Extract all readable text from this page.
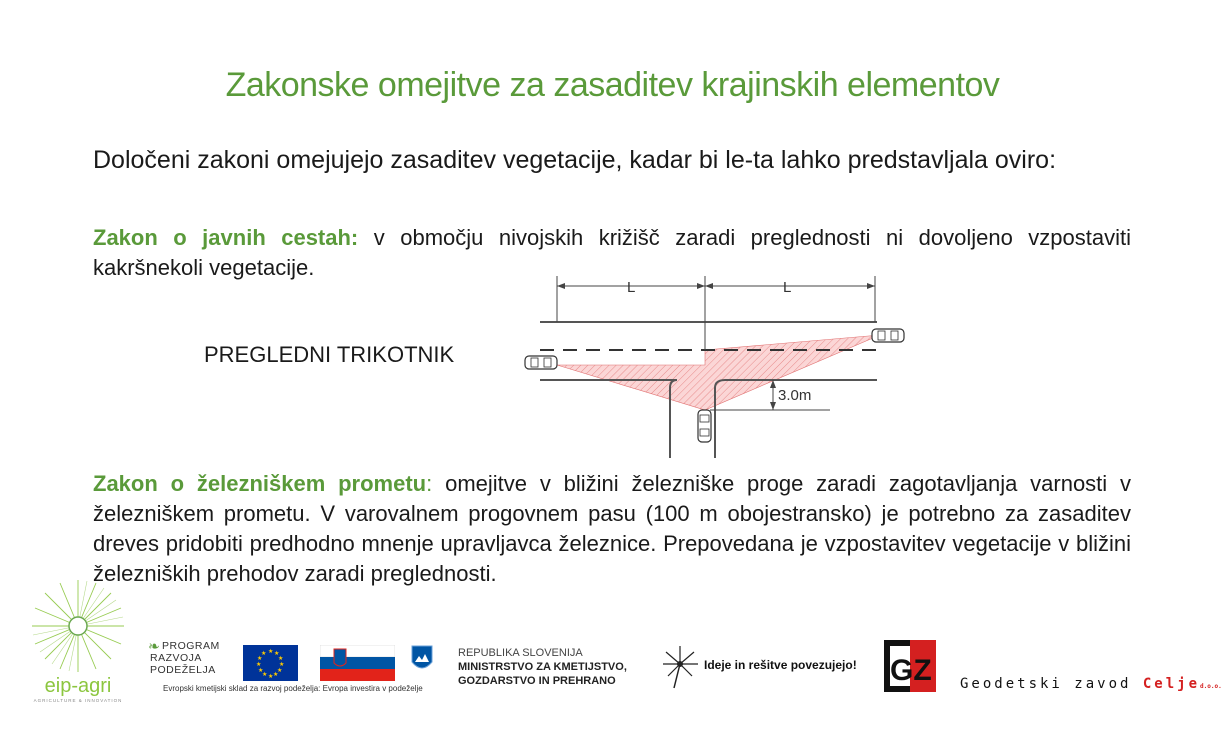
Zakonske omejitve za zasaditev krajinskih elementov
Določeni zakoni omejujejo zasaditev vegetacije, kadar bi le-ta lahko predstavljala oviro:
Zakon o javnih cestah: v območju nivojskih križišč zaradi preglednosti ni dovoljeno vzpostaviti kakršnekoli vegetacije.
PREGLEDNI TRIKOTNIK
L	L
3.0m
Zakon o železniškem prometu: omejitve v bližini železniške proge zaradi zagotavljanja varnosti v železniškem prometu. V varovalnem progovnem pasu (100 m obojestransko) je potrebno za zasaditev dreves pridobiti predhodno mnenje upravljavca železnice. Prepovedana je vzpostavitev vegetacije v bližini železniških prehodov zaradi preglednosti.
eip-agri
AGRICULTURE & INNOVATION
❧ PROGRAM
RAZVOJA
PODEŽELJA
★ ★
★
★
★
★
★
★
★
★
★
★
Evropski kmetijski sklad za razvoj podeželja: Evropa investira v podeželje
REPUBLIKA SLOVENIJA
MINISTRSTVO ZA KMETIJSTVO,
GOZDARSTVO IN PREHRANO
Ideje in rešitve povezujejo! GZ Geodetski zavod Celjed.o.o.
